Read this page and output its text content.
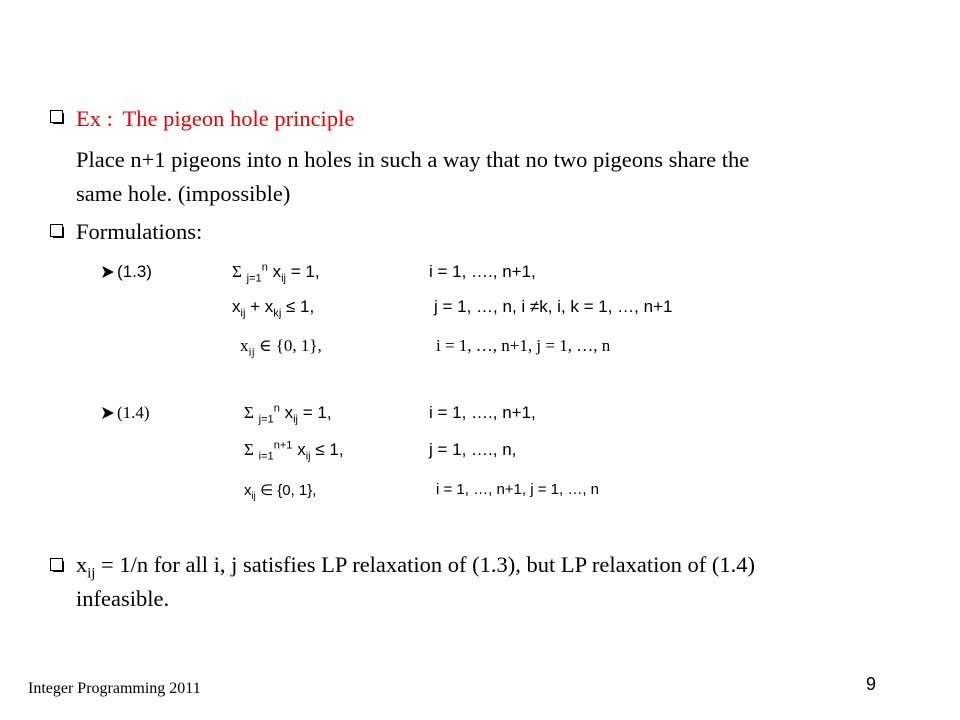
Ex : The pigeon hole principle
Place n+1 pigeons into n holes in such a way that no two pigeons share the
same hole. (impossible)
Formulations:
(1.3)	Σ $_{j=1}^n$ $x_{ij} = 1$,	i = 1, …., n+1,
$x_{ij} + x_{kj} \le 1$,	j = 1, …, n, i ≠k, i, k = 1, …, n+1
$x_{ij}$ ∈ {0, 1},	i = 1, …, n+1, j = 1, …, n
(1.4)	Σ $_{j=1}^n$ $x_{ij} = 1$,	i = 1, …., n+1,
Σ $_{i=1}^{n+1}$ $x_{ij} \le 1$,	j = 1, …., n,
$x_{ij}$ ∈ {0, 1},	i = 1, …, n+1, j = 1, …, n
$x_{ij} = 1/n$ for all i, j satisfies LP relaxation of (1.3), but LP relaxation of (1.4)
infeasible.
Integer Programming 2011	9
